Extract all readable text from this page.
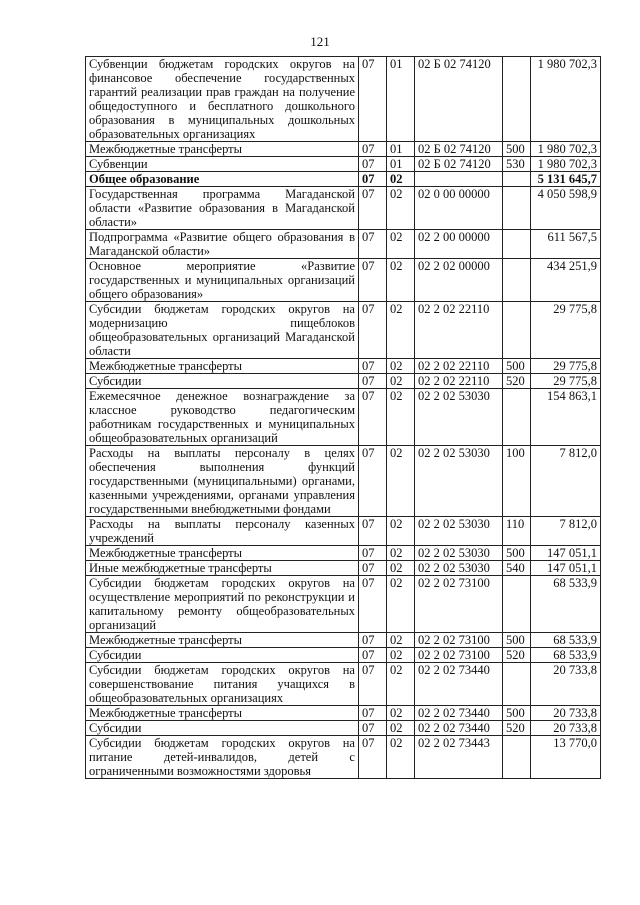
121
Субвенции бюджетам городских округов на финансовое обеспечение государственных гарантий реализации прав граждан на получение общедоступного и бесплатного дошкольного образования в муниципальных дошкольных образовательных организациях	07	01	02 Б 02 74120		1 980 702,3
Межбюджетные трансферты	07	01	02 Б 02 74120	500	1 980 702,3
Субвенции	07	01	02 Б 02 74120	530	1 980 702,3
Общее образование	07	02			5 131 645,7
Государственная программа Магаданской области «Развитие образования в Магаданской области»	07	02	02 0 00 00000		4 050 598,9
Подпрограмма «Развитие общего образования в Магаданской области»	07	02	02 2 00 00000		611 567,5
Основное мероприятие «Развитие государственных и муниципальных организаций общего образования»	07	02	02 2 02 00000		434 251,9
Субсидии бюджетам городских округов на модернизацию пищеблоков общеобразовательных организаций Магаданской области	07	02	02 2 02 22110		29 775,8
Межбюджетные трансферты	07	02	02 2 02 22110	500	29 775,8
Субсидии	07	02	02 2 02 22110	520	29 775,8
Ежемесячное денежное вознаграждение за классное руководство педагогическим работникам государственных и муниципальных общеобразовательных организаций	07	02	02 2 02 53030		154 863,1
Расходы на выплаты персоналу в целях обеспечения выполнения функций государственными (муниципальными) органами, казенными учреждениями, органами управления государственными внебюджетными фондами	07	02	02 2 02 53030	100	7 812,0
Расходы на выплаты персоналу казенных учреждений	07	02	02 2 02 53030	110	7 812,0
Межбюджетные трансферты	07	02	02 2 02 53030	500	147 051,1
Иные межбюджетные трансферты	07	02	02 2 02 53030	540	147 051,1
Субсидии бюджетам городских округов на осуществление мероприятий по реконструкции и капитальному ремонту общеобразовательных организаций	07	02	02 2 02 73100		68 533,9
Межбюджетные трансферты	07	02	02 2 02 73100	500	68 533,9
Субсидии	07	02	02 2 02 73100	520	68 533,9
Субсидии бюджетам городских округов на совершенствование питания учащихся в общеобразовательных организациях	07	02	02 2 02 73440		20 733,8
Межбюджетные трансферты	07	02	02 2 02 73440	500	20 733,8
Субсидии	07	02	02 2 02 73440	520	20 733,8
Субсидии бюджетам городских округов на питание детей-инвалидов, детей с ограниченными возможностями здоровья	07	02	02 2 02 73443		13 770,0
